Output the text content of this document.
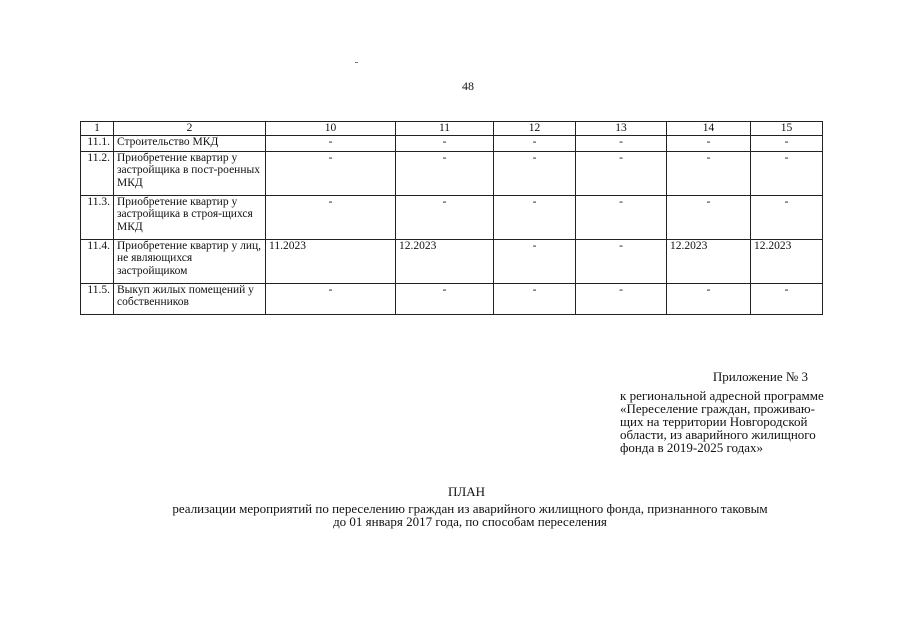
48
1	2	10	11	12	13	14	15
11.1.	Строительство МКД	-	-	-	-	-	-
11.2.	Приобретение квартир у застройщика в пост-роенных МКД	-	-	-	-	-	-
11.3.	Приобретение квартир у застройщика в строя-щихся МКД	-	-	-	-	-	-
11.4.	Приобретение квартир у лиц, не являющихся застройщиком	11.2023	12.2023	-	-	12.2023	12.2023
11.5.	Выкуп жилых помещений у собственников	-	-	-	-	-	-
Приложение № 3
к региональной адресной программе
«Переселение граждан, проживаю-
щих на территории Новгородской
области, из аварийного жилищного
фонда в 2019-2025 годах»
ПЛАН
реализации мероприятий по переселению граждан из аварийного жилищного фонда, признанного таковым
до 01 января 2017 года, по способам переселения
